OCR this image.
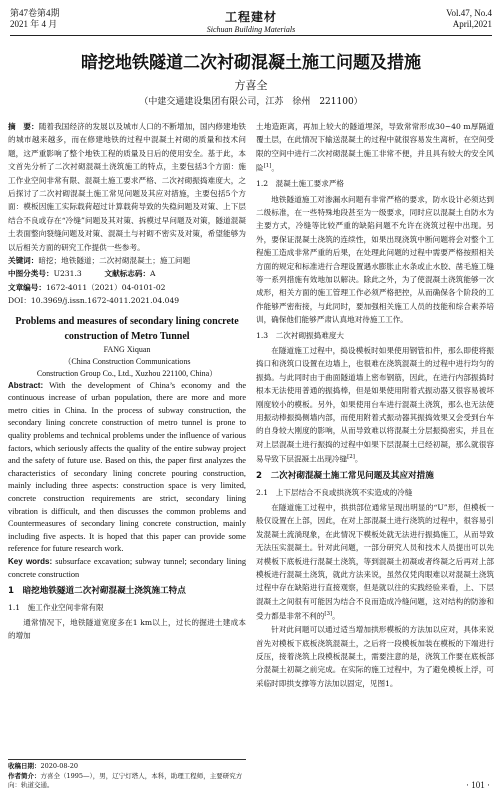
第47卷第4期
2021 年 4 月	工程建材
Sichuan Building Materials
Vol.47, No.4
April,2021
暗挖地铁隧道二次衬砌混凝土施工问题及措施
方喜全
（中建交通建设集团有限公司，江苏　徐州　221100）

摘　要：随着我国经济的发展以及城市人口的不断增加，国内修建地铁的城市越来越多，而在修建地铁的过程中混凝土衬砌的质量和技术问题，这严重影响了整个地铁工程的质量及日后的使用安全。基于此，本文首先分析了二次衬砌混凝土浇筑施工的特点，主要包括3个方面：施工作业空间非常有限、混凝土施工要求严格、二次衬砌振捣难度大，之后探讨了二次衬砌混凝土施工常见问题及其应对措施，主要包括5个方面：模板因施工实际载荷超过计算载荷导致的失稳问题及对策、上下层结合不良或存在“冷缝”问题及其对策、拆模过早问题及对策，隧道混凝土表面整向裂缝问题及对策、混凝土与衬砌不密实及对策，希望能够为以后相关方面的研究工作提供一些参考。

关键词：暗挖；地铁隧道；二次衬砌混凝土；施工问题

中图分类号：U231.3　　　	文献标志码：A

文章编号：1672-4011（2021）04-0101-02

DOI：10.3969/j.issn.1672-4011.2021.04.049

Problems and measures of secondary lining concrete construction of Metro Tunnel
FANG Xiquan
（China Construction Communications
Construction Group Co., Ltd., Xuzhou 221100, China）

Abstract: With the development of China’s economy and the continuous increase of urban population, there are more and more metro cities in China. In the process of subway construction, the secondary lining concrete construction of metro tunnel is prone to quality problems and technical problems under the influence of various factors, which seriously affects the quality of the entire subway project and the safety of future use. Based on this, the paper first analyzes the characteristics of secondary lining concrete pouring construction, mainly including three aspects: construction space is very limited, concrete construction requirements are strict, secondary lining vibration is difficult, and then discusses the common problems and Countermeasures of secondary lining concrete construction, mainly including five aspects. It is hoped that this paper can provide some reference for future research work.

Key words: subsurface excavation; subway tunnel; secondary lining concrete construction

1　暗挖地铁隧道二次衬砌混凝土浇筑施工特点
1.1　施工作业空间非常有限

通常情况下，地铁隧道宽度多在1 km以上，过长的掘进土建成本的增加

收稿日期：2020-08-20
作者简介：方喜全（1995—），男，辽宁灯塔人，本科，助理工程师，主要研究方向：轨道交通。

土地造距离，再加上较大的隧道埋深，导致常常形成30~40 m厚隔道覆土层，在此情况下输送混凝土的过程中就很容易发生离析，在空间受限的空间中进行二次衬砌混凝土施工非常不便，并且具有较大的安全风险[1]。

1.2　混凝土施工要求严格

地铁隧道施工对渗漏水问题有非常严格的要求，防水设计必须达到二级标准，在一些特殊地段甚至为一级要求，同时应以混凝土自防水为主要方式，冷缝等比较严重的缺陷问题不允许在浇筑过程中出现。另外，要保证混凝土浇筑的连续性，如果出现浇筑中断问题将会对整个工程施工造成非常严重的后果，在处理此问题的过程中需要严格按照相关方面的规定和标准进行合理设置遇水膨胀止水条或止水胶、凿毛施工缝等一系列措施有效地加以解决。除此之外，为了使混凝土浇筑能够一次成形，相关方面的施工管理工作必须严格把控，从而确保各个阶段的工作能够严密衔接，与此同时，要加强相关施工人员的技能和综合素养培训，确保他们能够严肃认真地对待施工工作。

1.3　二次衬砌振捣难度大

在隧道施工过程中，捣设模板时如果使用钢管扣件，那么即使将振捣口和浇筑口设置在边墙上，也很难在浇筑混凝土的过程中进行均匀的振捣。与此同时由于曲面隧道墙上密布钢筋，因此，在进行内部振捣时根本无法使用普通的振捣棒，但是如果使用附着式振动器又很容易被坏刚度较小的模板。另外，如果使用台车进行混凝土浇筑，那么也无法使用振动棒振捣侧墙内部，而使用附着式振动器其振捣效果又会受到台车的自身较大刚度的影响，从而导致难以将混凝土分层振捣密实，并且在对上层混凝土进行振捣的过程中如果下层混凝土已经初凝，那么就很容易导致下层混凝土出现冷缝[2]。

2　二次衬砌混凝土施工常见问题及其应对措施
2.1　上下层结合不良或拱浇筑不实造成的冷缝

在隧道施工过程中，拱拱部位通常呈现出明显的“U”形，但模板一般仅设置在上部，因此，在对上部混凝土进行浇筑的过程中，很容易引发混凝土流淌现象，在此情况下模板处就无法进行振捣施工，从而导致无法压实混凝土。针对此问题，一部分研究人员和技术人员提出可以先对模板下底板进行混凝土浇筑，等到混凝土初凝或者终凝之后再对上部模板进行混凝土浇筑，就此方法来说，虽然仅凭肉眼难以对混凝土浇筑过程中存在缺陷进行直接观察，但是就以往的实践经验来看，上、下层混凝土之间很有可能因为结合不良而造成冷缝问题，这对结构的防渗和受力都是非常不利的[3]。

针对此问题可以通过适当增加拱形模板的方法加以应对，具体来说首先对模板下底板浇筑混凝土，之后将一段模板加装在模板的下端进行反压，接着浇筑上段模板混凝土，需要注意的是，浇筑工作要在底板部分混凝土初凝之前完成。在实际的施工过程中，为了避免模板上浮，可采临时即拱支撑等方法加以固定，见图1。

· 101 ·
